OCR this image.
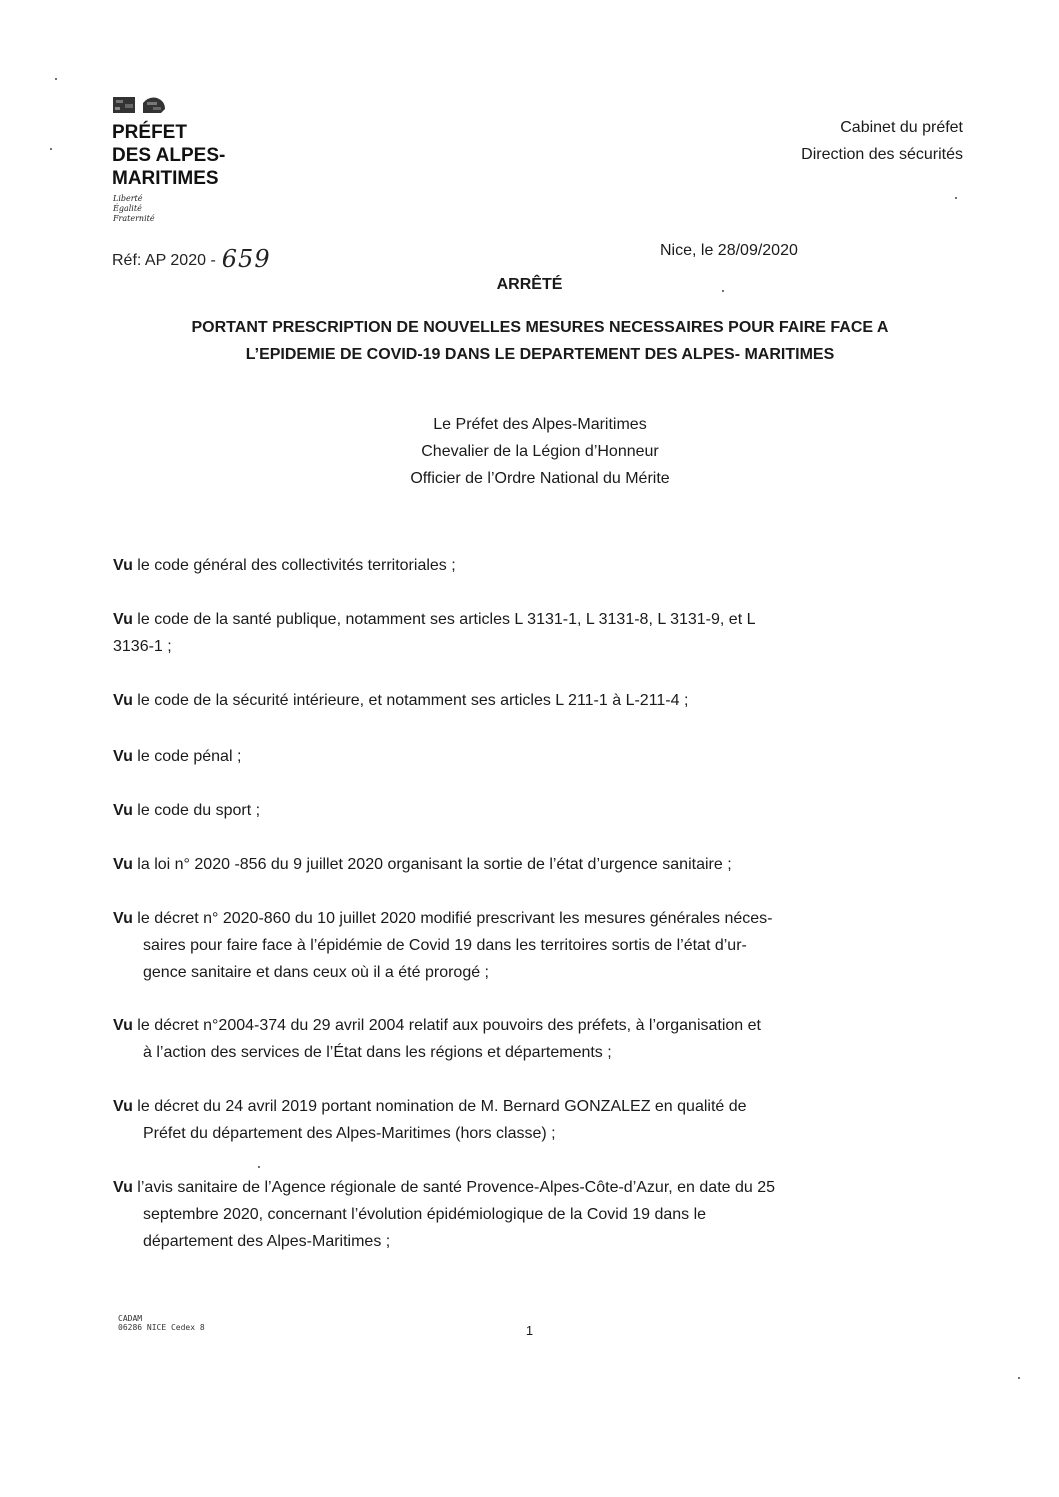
PRÉFET
DES ALPES-
MARITIMES
Liberté
Égalité
Fraternité
Réf: AP 2020 - 659
Cabinet du préfet
Direction des sécurités
Nice, le 28/09/2020
ARRÊTÉ
PORTANT PRESCRIPTION DE NOUVELLES MESURES NECESSAIRES POUR FAIRE FACE A
L’EPIDEMIE DE COVID-19 DANS LE DEPARTEMENT DES ALPES- MARITIMES
Le Préfet des Alpes-Maritimes
Chevalier de la Légion d’Honneur
Officier de l’Ordre National du Mérite
Vu le code général des collectivités territoriales ;
Vu le code de la santé publique, notamment ses articles L 3131-1, L 3131-8, L 3131-9, et L
3136-1 ;
Vu le code de la sécurité intérieure, et notamment ses articles L 211-1 à L-211-4 ;
Vu le code pénal ;
Vu le code du sport ;
Vu la loi n° 2020 -856 du 9 juillet 2020 organisant la sortie de l’état d’urgence sanitaire ;
Vu le décret n° 2020-860 du 10 juillet 2020 modifié prescrivant les mesures générales néces-
saires pour faire face à l’épidémie de Covid 19 dans les territoires sortis de l’état d’ur-
gence sanitaire et dans ceux où il a été prorogé ;
Vu le décret n°2004-374 du 29 avril 2004 relatif aux pouvoirs des préfets, à l’organisation et
à l’action des services de l’État dans les régions et départements ;
Vu le décret du 24 avril 2019 portant nomination de M. Bernard GONZALEZ en qualité de
Préfet du département des Alpes-Maritimes (hors classe) ;
Vu l’avis sanitaire de l’Agence régionale de santé Provence-Alpes-Côte-d’Azur, en date du 25
septembre 2020, concernant l’évolution épidémiologique de la Covid 19 dans le
département des Alpes-Maritimes ;
CADAM
06286 NICE Cedex 8	1
